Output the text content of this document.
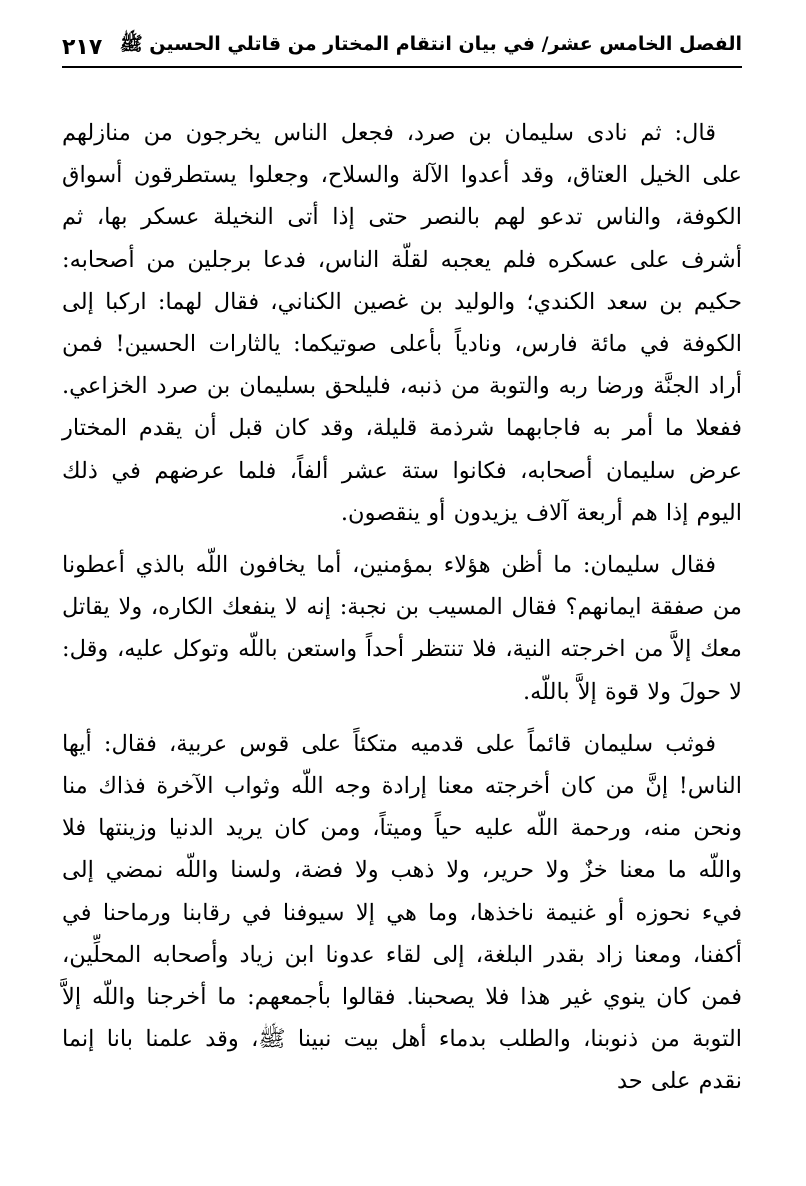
الفصل الخامس عشر/ في بيان انتقام المختار من قاتلي الحسين ﷺ
٢١٧

قال: ثم نادى سليمان بن صرد، فجعل الناس يخرجون من منازلهم على الخيل العتاق، وقد أعدوا الآلة والسلاح، وجعلوا يستطرقون أسواق الكوفة، والناس تدعو لهم بالنصر حتى إذا أتى النخيلة عسكر بها، ثم أشرف على عسكره فلم يعجبه لقلّة الناس، فدعا برجلين من أصحابه: حكيم بن سعد الكندي؛ والوليد بن غصين الكناني، فقال لهما: اركبا إلى الكوفة في مائة فارس، ونادياً بأعلى صوتيكما: يالثارات الحسين! فمن أراد الجنَّة ورضا ربه والتوبة من ذنبه، فليلحق بسليمان بن صرد الخزاعي. ففعلا ما أمر به فاجابهما شرذمة قليلة، وقد كان قبل أن يقدم المختار عرض سليمان أصحابه، فكانوا ستة عشر ألفاً، فلما عرضهم في ذلك اليوم إذا هم أربعة آلاف يزيدون أو ينقصون.

فقال سليمان: ما أظن هؤلاء بمؤمنين، أما يخافون اللّه بالذي أعطونا من صفقة ايمانهم؟ فقال المسيب بن نجبة: إنه لا ينفعك الكاره، ولا يقاتل معك إلاَّ من اخرجته النية، فلا تنتظر أحداً واستعن باللّه وتوكل عليه، وقل: لا حولَ ولا قوة إلاَّ باللّه.

فوثب سليمان قائماً على قدميه متكئاً على قوس عربية، فقال: أيها الناس! إنَّ من كان أخرجته معنا إرادة وجه اللّه وثواب الآخرة فذاك منا ونحن منه، ورحمة اللّه عليه حياً وميتاً، ومن كان يريد الدنيا وزينتها فلا واللّه ما معنا خزٌ ولا حرير، ولا ذهب ولا فضة، ولسنا واللّه نمضي إلى فيء نحوزه أو غنيمة ناخذها، وما هي إلا سيوفنا في رقابنا ورماحنا في أكفنا، ومعنا زاد بقدر البلغة، إلى لقاء عدونا ابن زياد وأصحابه المحلِّين، فمن كان ينوي غير هذا فلا يصحبنا. فقالوا بأجمعهم: ما أخرجنا واللّه إلاَّ التوبة من ذنوبنا، والطلب بدماء أهل بيت نبينا ﷺ، وقد علمنا بانا إنما نقدم على حد
